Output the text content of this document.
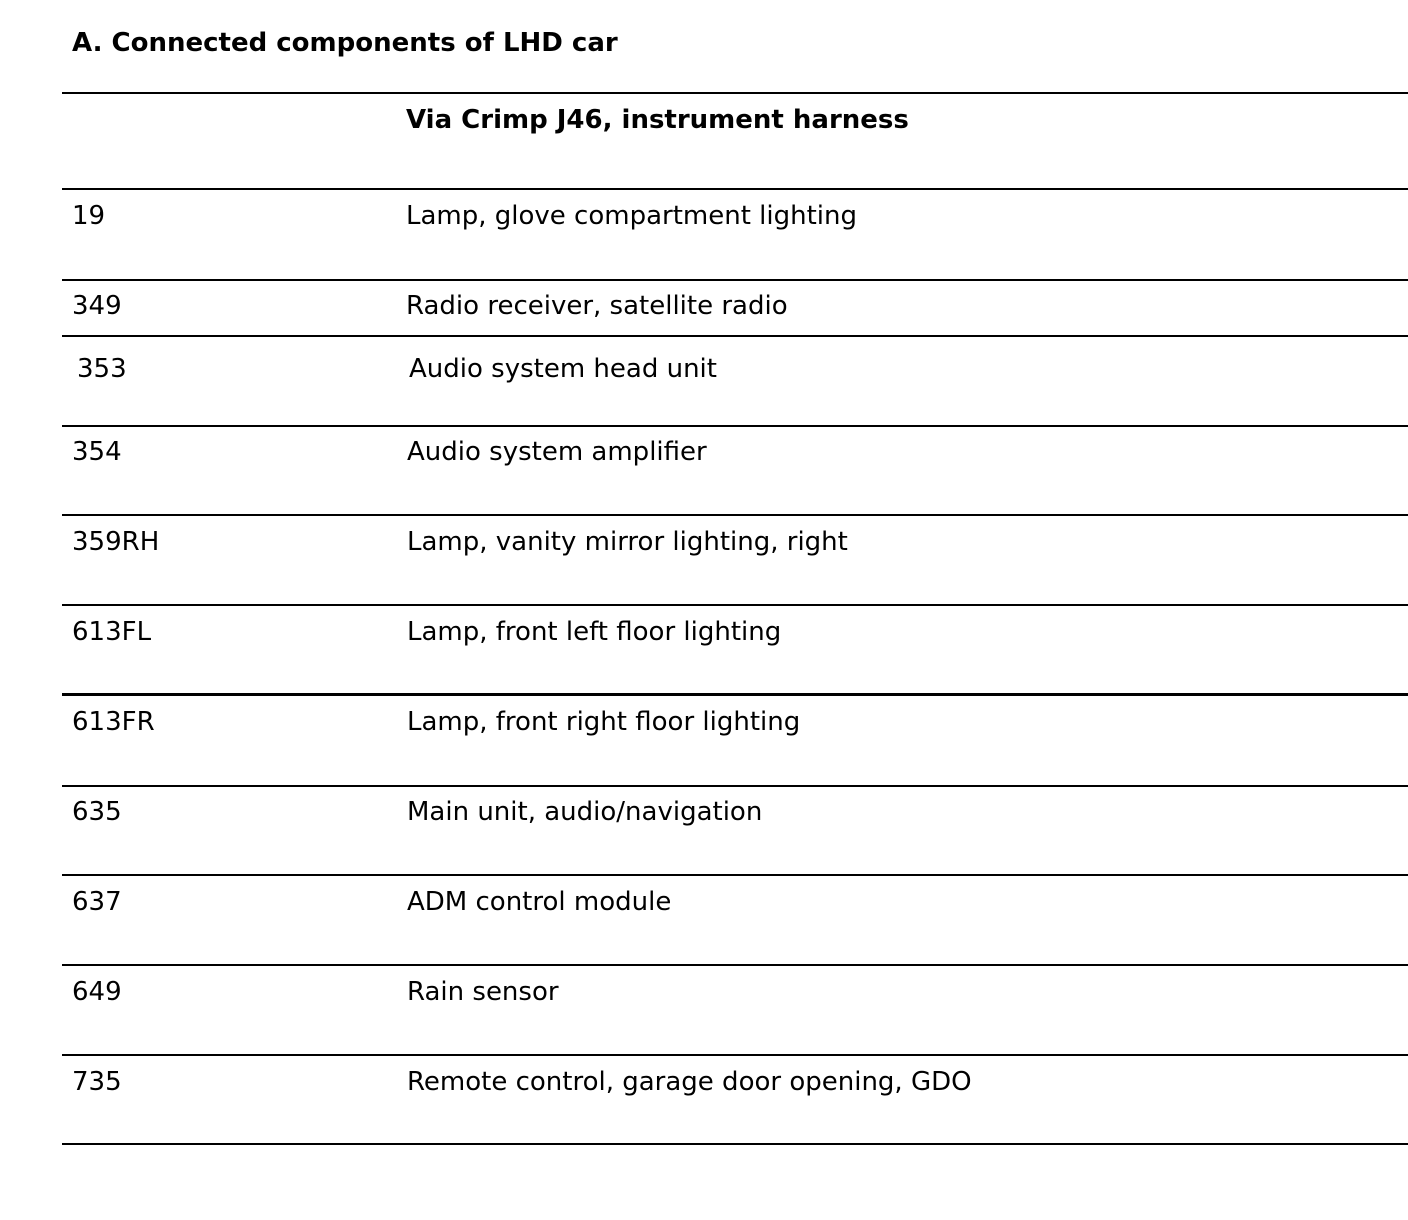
A. Connected components of LHD car
Via Crimp J46, instrument harness
19	Lamp, glove compartment lighting
349	Radio receiver, satellite radio
353	Audio system head unit
354	Audio system amplifier
359RH	Lamp, vanity mirror lighting, right
613FL	Lamp, front left floor lighting
613FR	Lamp, front right floor lighting
635	Main unit, audio/navigation
637	ADM control module
649	Rain sensor
735	Remote control, garage door opening, GDO
